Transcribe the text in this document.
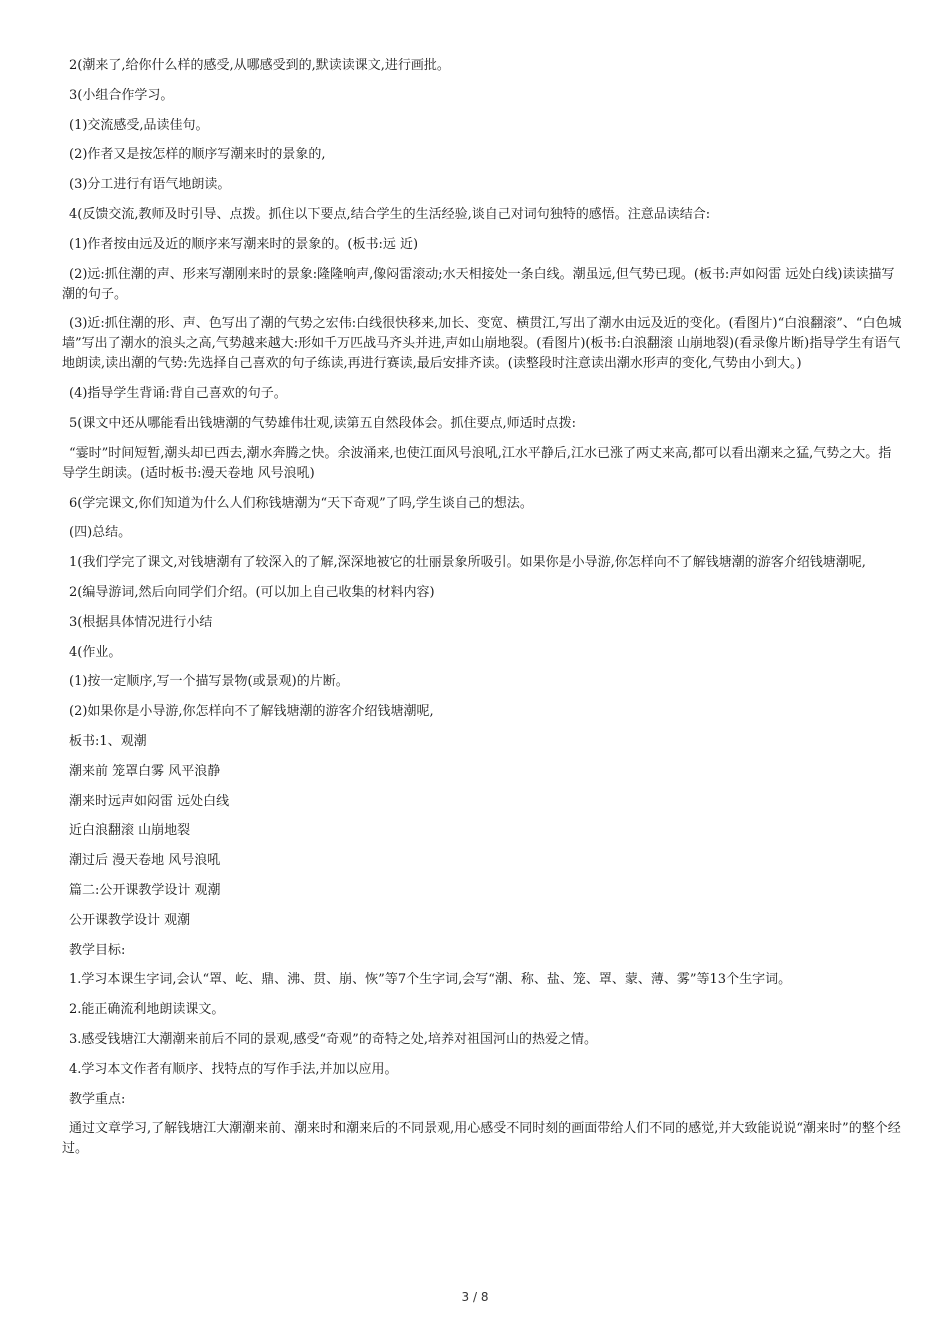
2(潮来了,给你什么样的感受,从哪感受到的,默读读课文,进行画批。

3(小组合作学习。

(1)交流感受,品读佳句。

(2)作者又是按怎样的顺序写潮来时的景象的,

(3)分工进行有语气地朗读。

4(反馈交流,教师及时引导、点拨。抓住以下要点,结合学生的生活经验,谈自己对词句独特的感悟。注意品读结合:

(1)作者按由远及近的顺序来写潮来时的景象的。(板书:远 近)

(2)远:抓住潮的声、形来写潮刚来时的景象:隆隆响声,像闷雷滚动;水天相接处一条白线。潮虽远,但气势已现。(板书:声如闷雷 远处白线)读读描写潮的句子。

(3)近:抓住潮的形、声、色写出了潮的气势之宏伟:白线很快移来,加长、变宽、横贯江,写出了潮水由远及近的变化。(看图片)“白浪翻滚”、“白色城墙”写出了潮水的浪头之高,气势越来越大:形如千万匹战马齐头并进,声如山崩地裂。(看图片)(板书:白浪翻滚 山崩地裂)(看录像片断)指导学生有语气地朗读,读出潮的气势:先选择自己喜欢的句子练读,再进行赛读,最后安排齐读。(读整段时注意读出潮水形声的变化,气势由小到大。)

(4)指导学生背诵:背自己喜欢的句子。

5(课文中还从哪能看出钱塘潮的气势雄伟壮观,读第五自然段体会。抓住要点,师适时点拨:

“霎时”时间短暂,潮头却已西去,潮水奔腾之快。余波涌来,也使江面风号浪吼,江水平静后,江水已涨了两丈来高,都可以看出潮来之猛,气势之大。指导学生朗读。(适时板书:漫天卷地 风号浪吼)

6(学完课文,你们知道为什么人们称钱塘潮为“天下奇观”了吗,学生谈自己的想法。

(四)总结。

1(我们学完了课文,对钱塘潮有了较深入的了解,深深地被它的壮丽景象所吸引。如果你是小导游,你怎样向不了解钱塘潮的游客介绍钱塘潮呢,

2(编导游词,然后向同学们介绍。(可以加上自己收集的材料内容)

3(根据具体情况进行小结

4(作业。

(1)按一定顺序,写一个描写景物(或景观)的片断。

(2)如果你是小导游,你怎样向不了解钱塘潮的游客介绍钱塘潮呢,

板书:1、观潮

潮来前 笼罩白雾 风平浪静

潮来时远声如闷雷 远处白线

近白浪翻滚 山崩地裂

潮过后 漫天卷地 风号浪吼

篇二:公开课教学设计 观潮

公开课教学设计 观潮

教学目标:

1.学习本课生字词,会认“罩、屹、鼎、沸、贯、崩、恢”等7个生字词,会写“潮、称、盐、笼、罩、蒙、薄、雾”等13个生字词。

2.能正确流利地朗读课文。

3.感受钱塘江大潮潮来前后不同的景观,感受“奇观”的奇特之处,培养对祖国河山的热爱之情。

4.学习本文作者有顺序、找特点的写作手法,并加以应用。

教学重点:

通过文章学习,了解钱塘江大潮潮来前、潮来时和潮来后的不同景观,用心感受不同时刻的画面带给人们不同的感觉,并大致能说说“潮来时”的整个经过。

3 / 8
